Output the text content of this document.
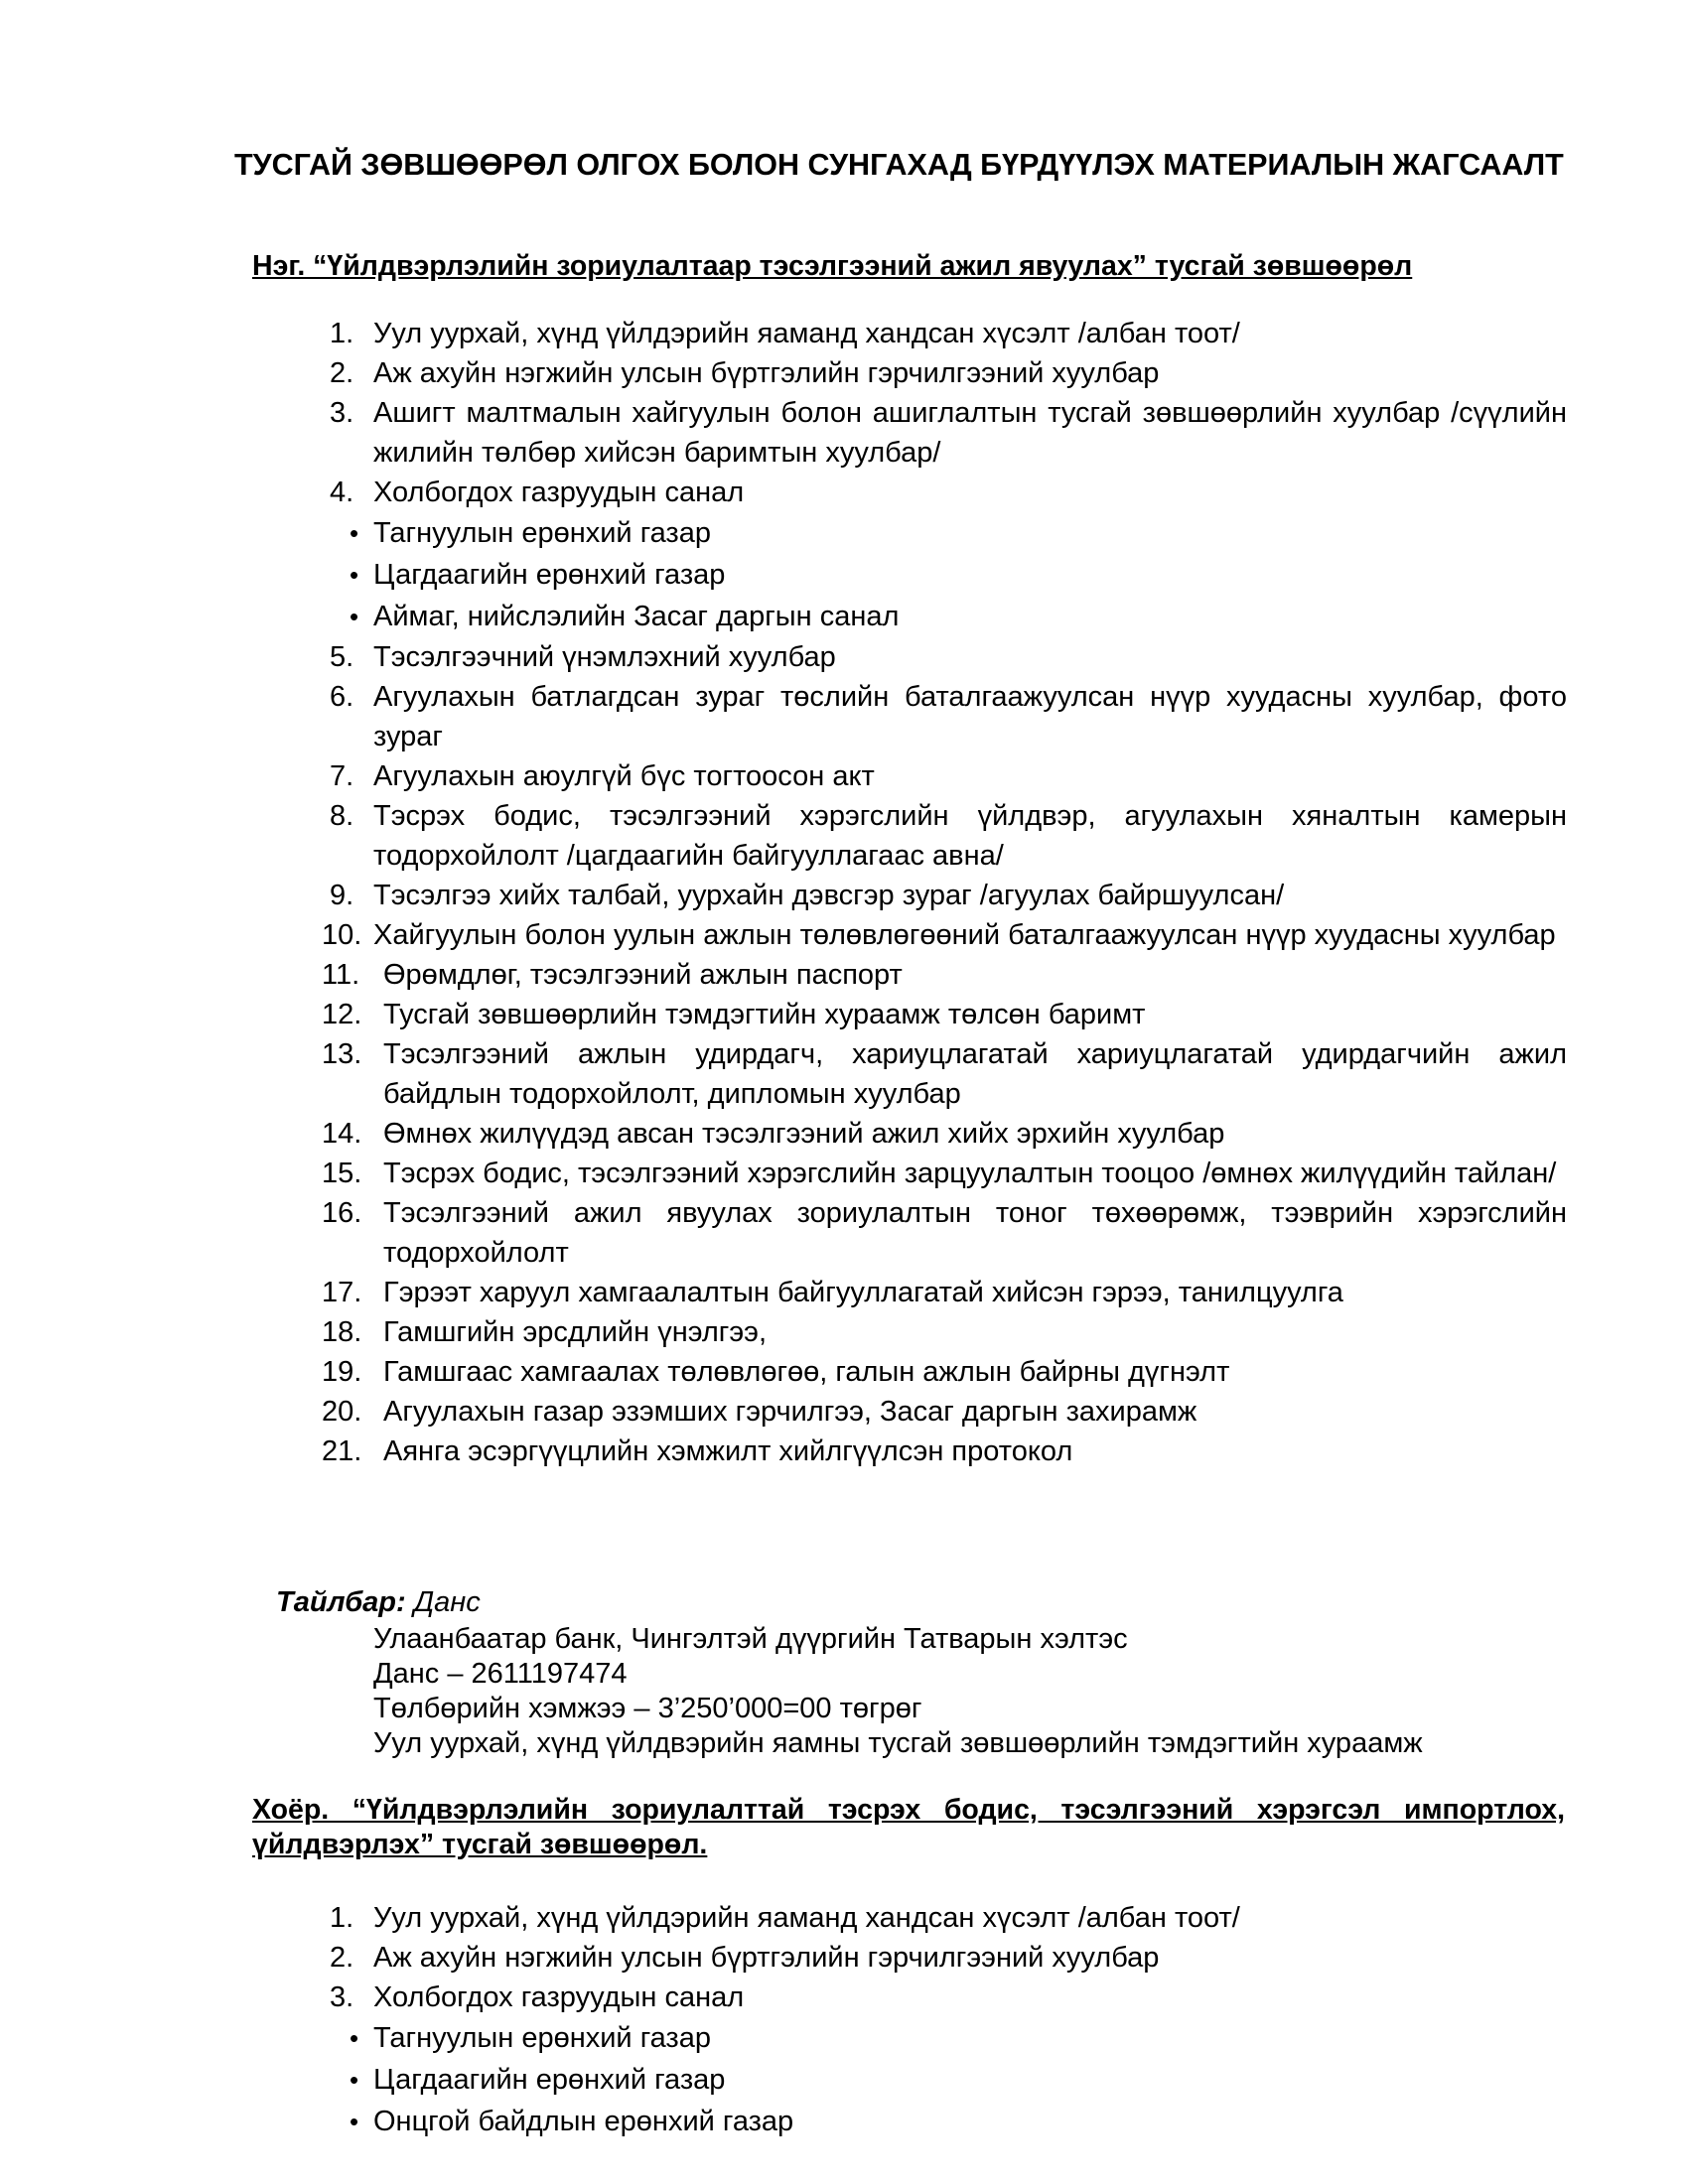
ТУСГАЙ ЗӨВШӨӨРӨЛ ОЛГОХ БОЛОН СУНГАХАД БҮРДҮҮЛЭХ МАТЕРИАЛЫН ЖАГСААЛТ
Нэг. “Үйлдвэрлэлийн зориулалтаар тэсэлгээний ажил явуулах” тусгай зөвшөөрөл
1. Уул уурхай, хүнд үйлдэрийн яаманд хандсан хүсэлт /албан тоот/
2. Аж ахуйн нэгжийн улсын бүртгэлийн гэрчилгээний хуулбар
3. Ашигт малтмалын хайгуулын болон ашиглалтын тусгай зөвшөөрлийн хуулбар /сүүлийн жилийн төлбөр хийсэн баримтын хуулбар/
4. Холбогдох газруудын санал
• Тагнуулын ерөнхий газар
• Цагдаагийн ерөнхий газар
• Аймаг, нийслэлийн Засаг даргын санал
5. Тэсэлгээчний үнэмлэхний хуулбар
6. Агуулахын батлагдсан зураг төслийн баталгаажуулсан нүүр хуудасны хуулбар, фото зураг
7. Агуулахын аюулгүй бүс тогтоосон акт
8. Тэсрэх бодис, тэсэлгээний хэрэгслийн үйлдвэр, агуулахын хяналтын камерын тодорхойлолт /цагдаагийн байгууллагаас авна/
9. Тэсэлгээ хийх талбай, уурхайн дэвсгэр зураг /агуулах байршуулсан/
10. Хайгуулын болон уулын ажлын төлөвлөгөөний баталгаажуулсан нүүр хуудасны хуулбар
11. Өрөмдлөг, тэсэлгээний ажлын паспорт
12. Тусгай зөвшөөрлийн тэмдэгтийн хураамж төлсөн баримт
13. Тэсэлгээний ажлын удирдагч, хариуцлагатай хариуцлагатай удирдагчийн ажил байдлын тодорхойлолт, дипломын хуулбар
14. Өмнөх жилүүдэд авсан тэсэлгээний ажил хийх эрхийн хуулбар
15. Тэсрэх бодис, тэсэлгээний хэрэгслийн зарцуулалтын тооцоо /өмнөх жилүүдийн тайлан/
16. Тэсэлгээний ажил явуулах зориулалтын тоног төхөөрөмж, тээврийн хэрэгслийн тодорхойлолт
17. Гэрээт харуул хамгаалалтын байгууллагатай хийсэн гэрээ, танилцуулга
18. Гамшгийн эрсдлийн үнэлгээ,
19. Гамшгаас хамгаалах төлөвлөгөө, галын ажлын байрны дүгнэлт
20. Агуулахын газар эзэмших гэрчилгээ, Засаг даргын захирамж
21. Аянга эсэргүүцлийн хэмжилт хийлгүүлсэн протокол
Тайлбар: Данс
Улаанбаатар банк, Чингэлтэй дүүргийн Татварын хэлтэс
Данс – 2611197474
Төлбөрийн хэмжээ – 3’250’000=00 төгрөг
Уул уурхай, хүнд үйлдвэрийн яамны тусгай зөвшөөрлийн тэмдэгтийн хураамж
Хоёр. “Үйлдвэрлэлийн зориулалттай тэсрэх бодис, тэсэлгээний хэрэгсэл импортлох,
үйлдвэрлэх” тусгай зөвшөөрөл.
1. Уул уурхай, хүнд үйлдэрийн яаманд хандсан хүсэлт /албан тоот/
2. Аж ахуйн нэгжийн улсын бүртгэлийн гэрчилгээний хуулбар
3. Холбогдох газруудын санал
• Тагнуулын ерөнхий газар
• Цагдаагийн ерөнхий газар
• Онцгой байдлын ерөнхий газар
